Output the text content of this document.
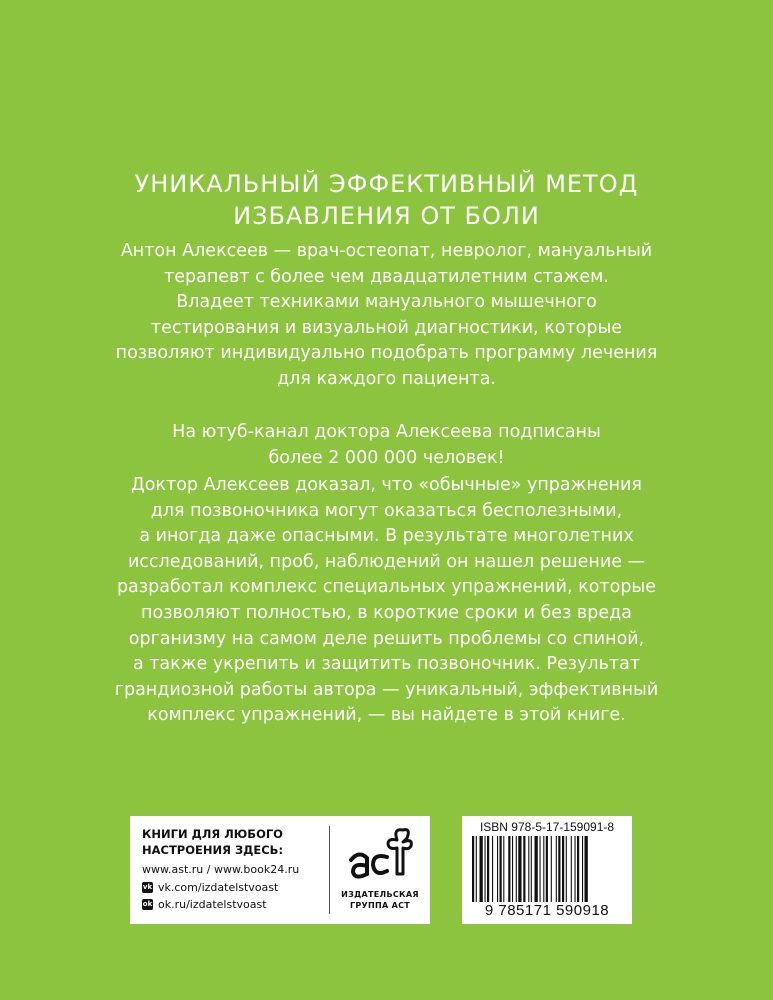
УНИКАЛЬНЫЙ ЭФФЕКТИВНЫЙ МЕТОД
ИЗБАВЛЕНИЯ ОТ БОЛИ
Антон Алексеев — врач-остеопат, невролог, мануальный
терапевт с более чем двадцатилетним стажем.
Владеет техниками мануального мышечного
тестирования и визуальной диагностики, которые
позволяют индивидуально подобрать программу лечения
для каждого пациента.
На ютуб-канал доктора Алексеева подписаны
более 2 000 000 человек!
Доктор Алексеев доказал, что «обычные» упражнения
для позвоночника могут оказаться бесполезными,
а иногда даже опасными. В результате многолетних
исследований, проб, наблюдений он нашел решение —
разработал комплекс специальных упражнений, которые
позволяют полностью, в короткие сроки и без вреда
организму на самом деле решить проблемы со спиной,
а также укрепить и защитить позвоночник. Результат
грандиозной работы автора — уникальный, эффективный
комплекс упражнений, — вы найдете в этой книге.
КНИГИ ДЛЯ ЛЮБОГО
НАСТРОЕНИЯ ЗДЕСЬ:
www.ast.ru / www.book24.ru
vk vk.com/izdatelstvoast
ok ok.ru/izdatelstvoast
ИЗДАТЕЛЬСКАЯ
ГРУППА АСТ
ISBN 978-5-17-159091-8
9 785171 590918
